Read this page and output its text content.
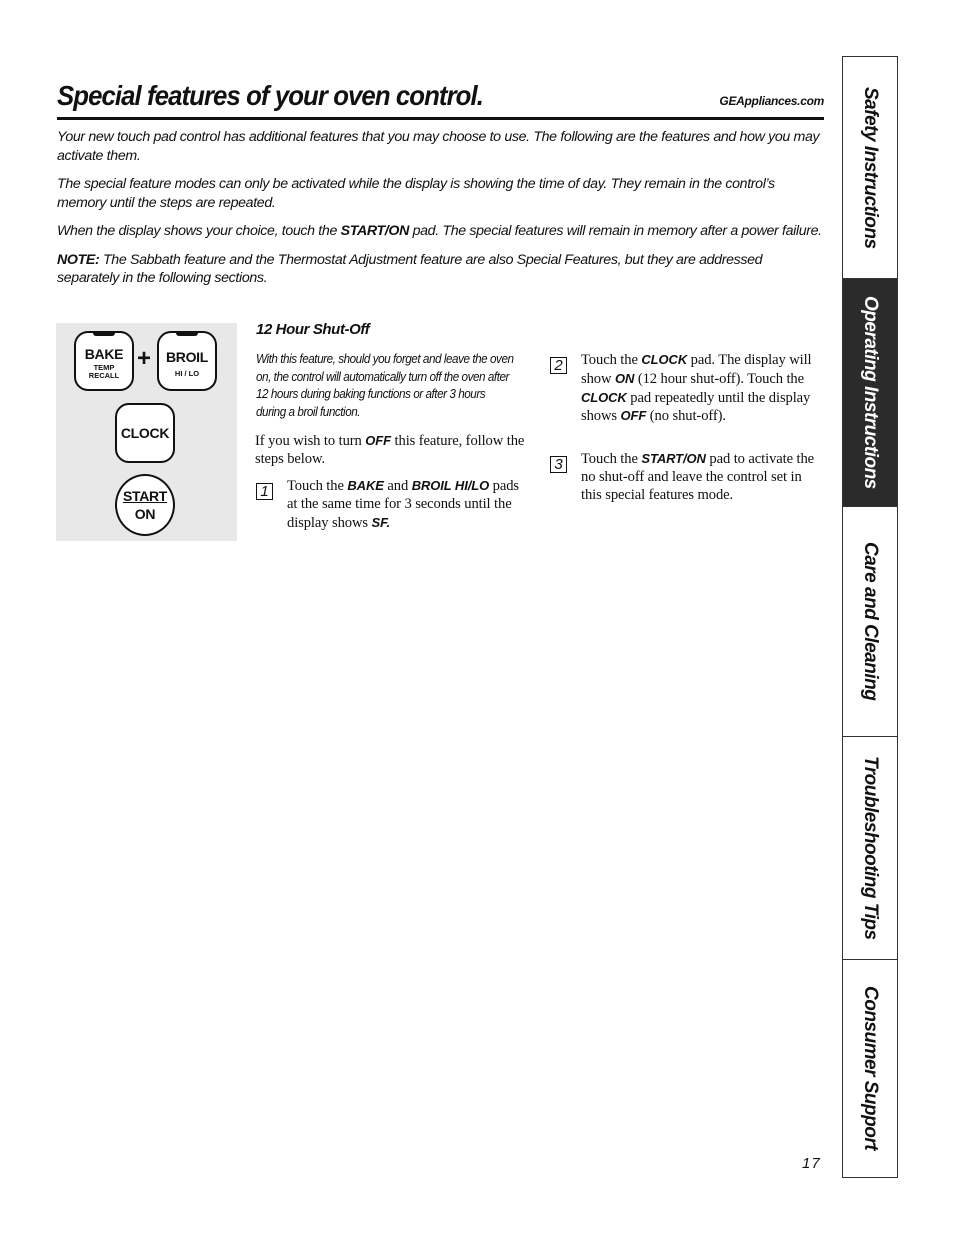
Special features of your oven control.	GEAppliances.com

Your new touch pad control has additional features that you may choose to use. The following are the features and how you may activate them.

The special feature modes can only be activated while the display is showing the time of day. They remain in the control’s memory until the steps are repeated.

When the display shows your choice, touch the START/ON pad. The special features will remain in memory after a power failure.

NOTE: The Sabbath feature and the Thermostat Adjustment feature are also Special Features, but they are addressed separately in the following sections.

BAKE
TEMP
RECALL
+ BROIL
HI / LO
CLOCK
START
ON
12 Hour Shut-Off
With this feature, should you forget and leave the oven on, the control will automatically turn off the oven after 12 hours during baking functions or after 3 hours during a broil function.
If you wish to turn OFF this feature, follow the steps below.
1 Touch the BAKE and BROIL HI/LO pads at the same time for 3 seconds until the display shows SF.
2 Touch the CLOCK pad. The display will show ON (12 hour shut-off). Touch the CLOCK pad repeatedly until the display shows OFF (no shut-off).
3 Touch the START/ON pad to activate the no shut-off and leave the control set in this special features mode.
Safety Instructions
Operating Instructions
Care and Cleaning
Troubleshooting Tips
Consumer Support
17
